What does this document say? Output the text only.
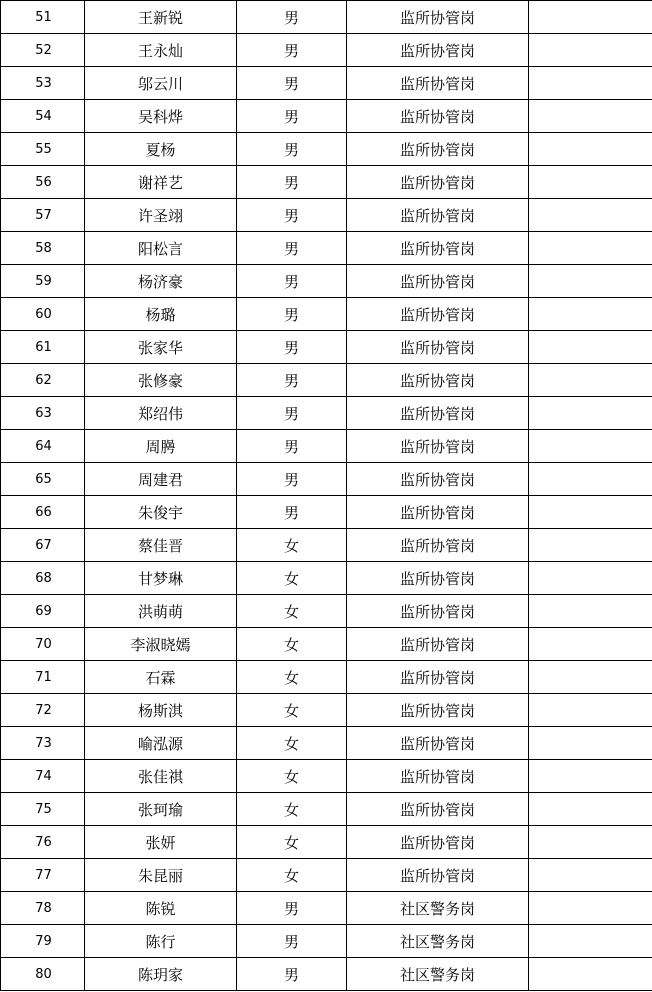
51	王新锐	男	监所协管岗	
52	王永灿	男	监所协管岗	
53	邬云川	男	监所协管岗	
54	吴科烨	男	监所协管岗	
55	夏杨	男	监所协管岗	
56	谢祥艺	男	监所协管岗	
57	许圣翊	男	监所协管岗	
58	阳松言	男	监所协管岗	
59	杨济豪	男	监所协管岗	
60	杨璐	男	监所协管岗	
61	张家华	男	监所协管岗	
62	张修豪	男	监所协管岗	
63	郑绍伟	男	监所协管岗	
64	周㬽	男	监所协管岗	
65	周建君	男	监所协管岗	
66	朱俊宇	男	监所协管岗	
67	蔡佳晋	女	监所协管岗	
68	甘梦琳	女	监所协管岗	
69	洪萌萌	女	监所协管岗	
70	李淑晓嫣	女	监所协管岗	
71	石霖	女	监所协管岗	
72	杨斯淇	女	监所协管岗	
73	喻泓源	女	监所协管岗	
74	张佳祺	女	监所协管岗	
75	张珂瑜	女	监所协管岗	
76	张妍	女	监所协管岗	
77	朱昆丽	女	监所协管岗	
78	陈锐	男	社区警务岗	
79	陈行	男	社区警务岗	
80	陈玥家	男	社区警务岗	
